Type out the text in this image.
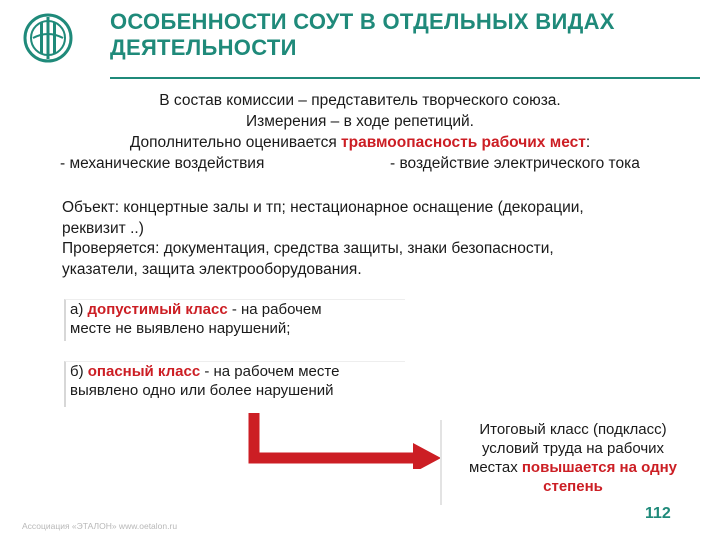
ОСОБЕННОСТИ СОУТ В ОТДЕЛЬНЫХ ВИДАХ
ДЕЯТЕЛЬНОСТИ
В состав комиссии – представитель творческого союза.
Измерения – в ходе репетиций.
Дополнительно оценивается травмоопасность рабочих мест:
- механические воздействия	- воздействие электрического тока
Объект: концертные залы и тп; нестационарное оснащение (декорации,
реквизит ..)
Проверяется: документация, средства защиты, знаки безопасности,
указатели, защита электрооборудования.
а) допустимый класс - на рабочем
месте не выявлено нарушений;
б) опасный класс - на рабочем месте
выявлено одно или более нарушений
Итоговый класс (подкласс)
условий труда на рабочих
местах повышается на одну
степень
Ассоциация «ЭТАЛОН» www.oetalon.ru
112
